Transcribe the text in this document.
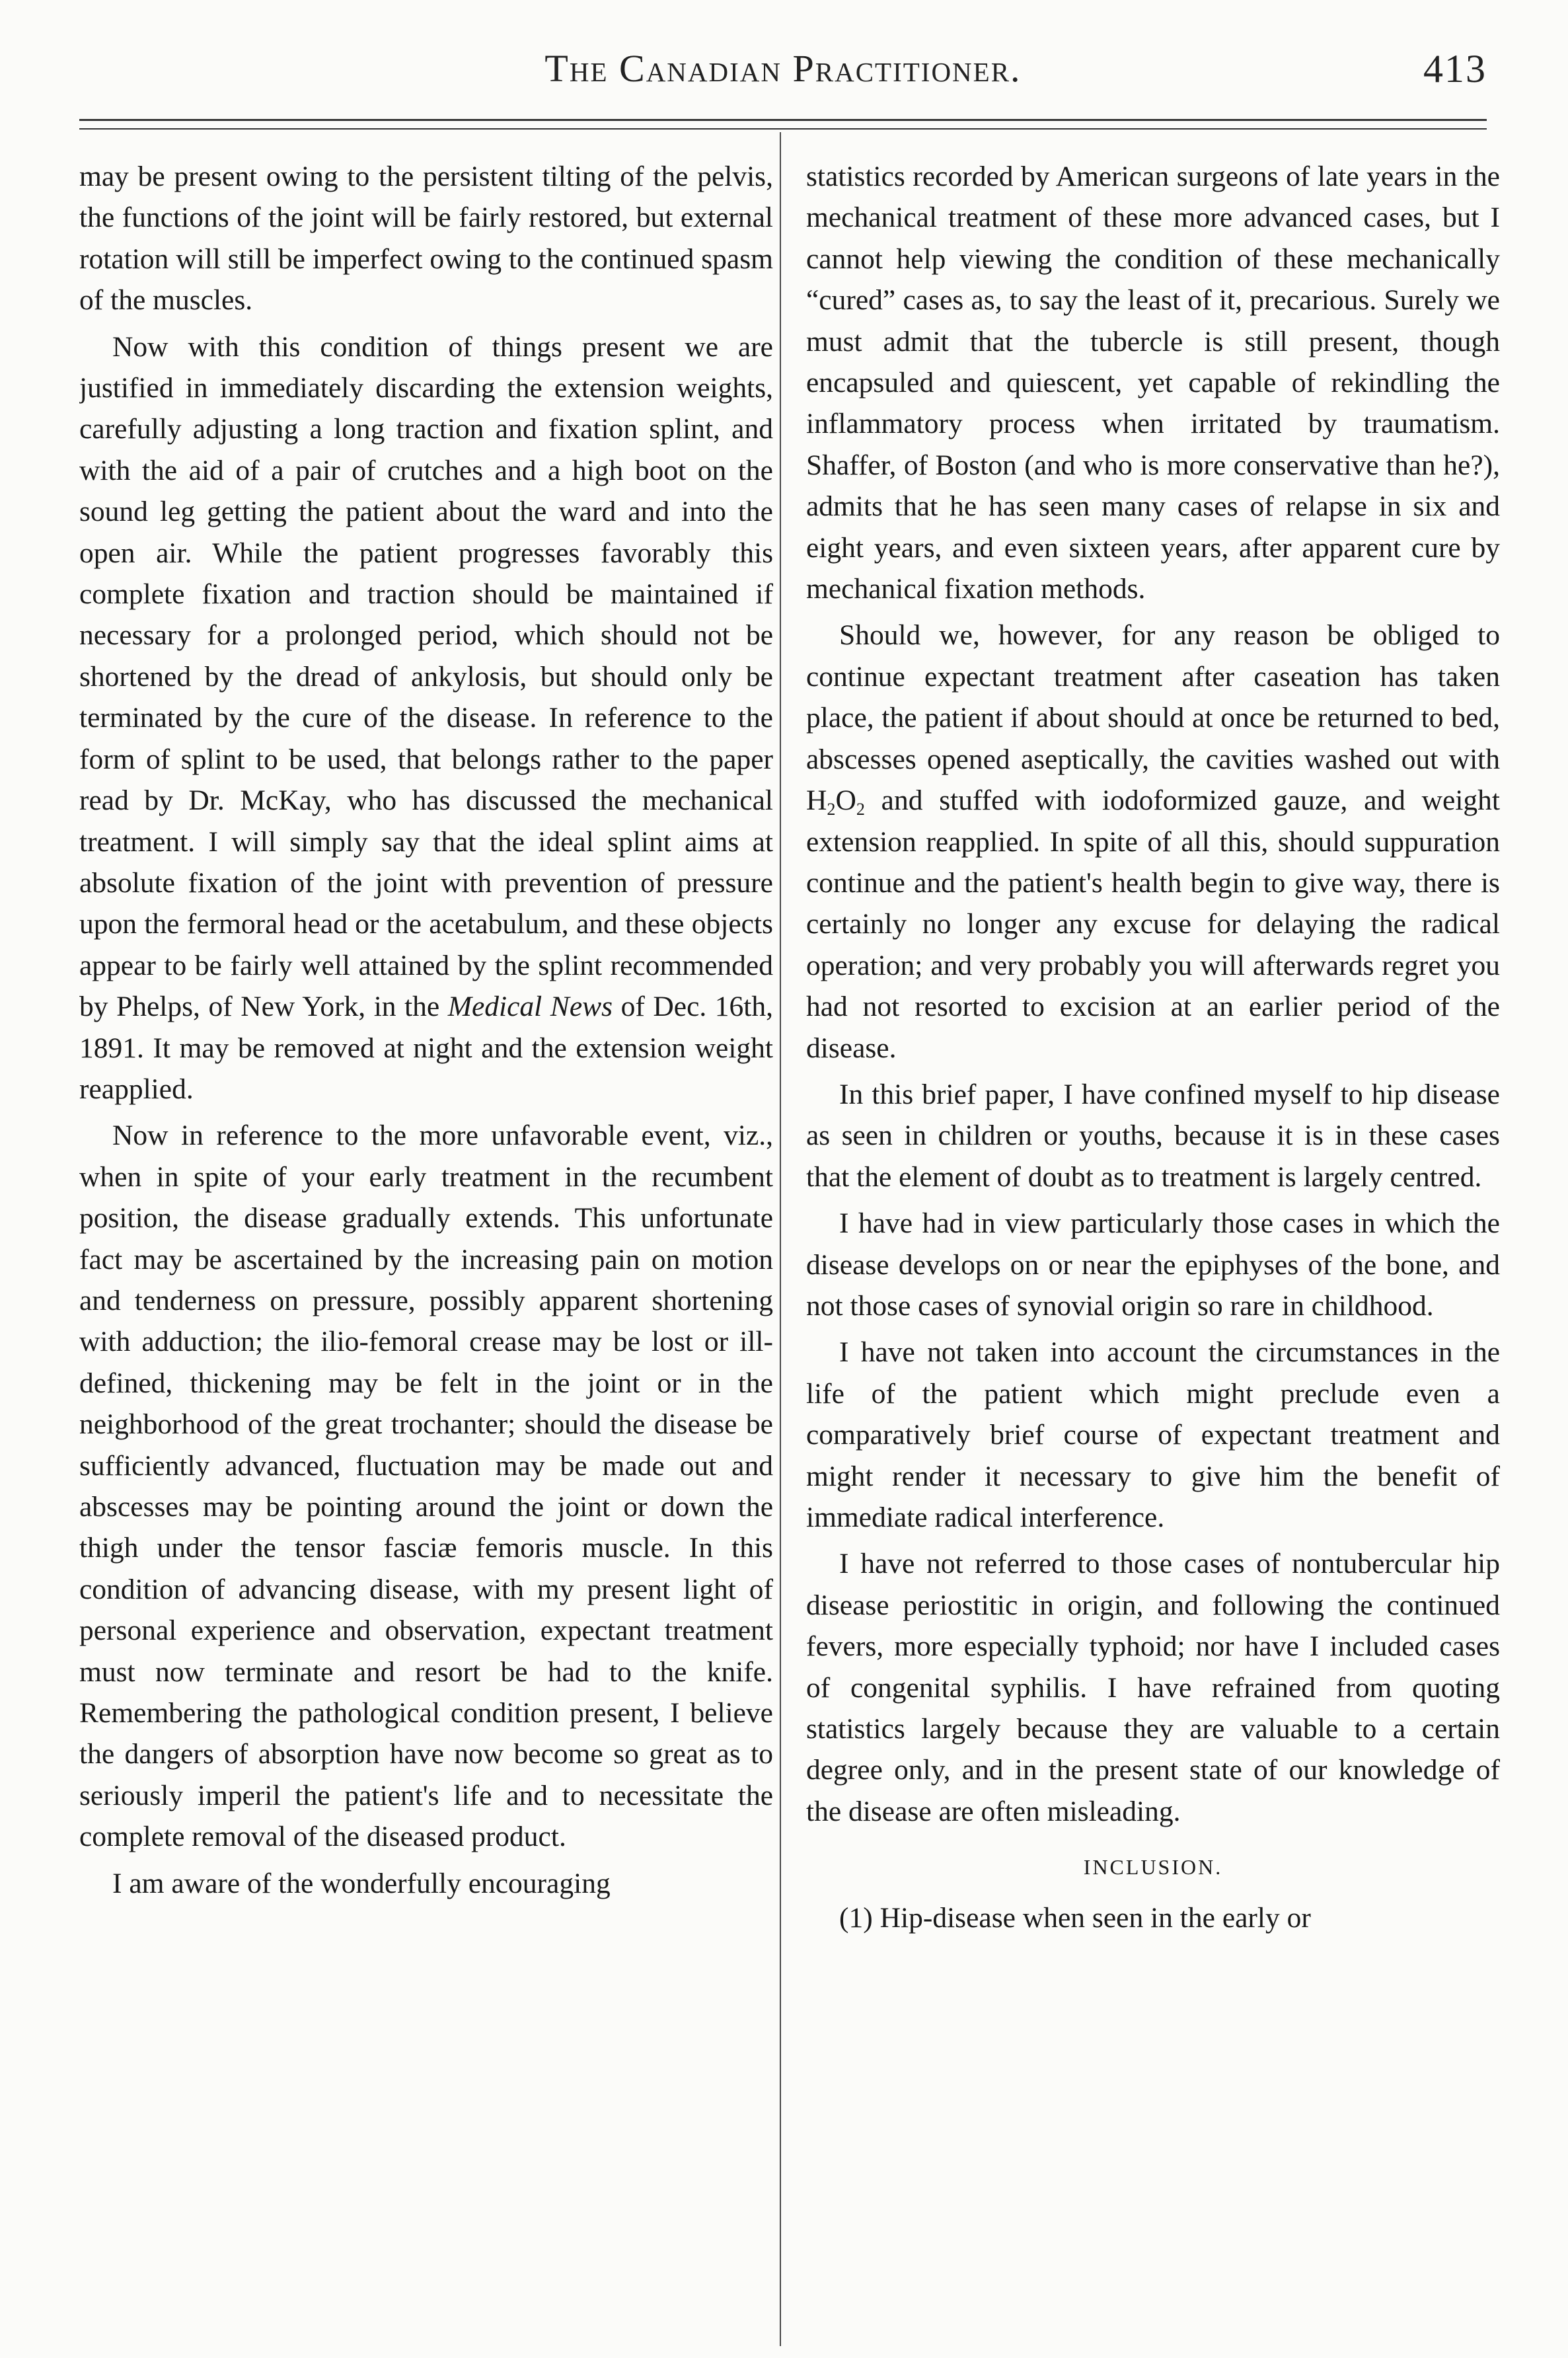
The Canadian Practitioner.	413

may be present owing to the persistent tilting of the pelvis, the functions of the joint will be fairly restored, but external rotation will still be imperfect owing to the continued spasm of the muscles.

Now with this condition of things present we are justified in immediately discarding the extension weights, carefully adjusting a long traction and fixation splint, and with the aid of a pair of crutches and a high boot on the sound leg getting the patient about the ward and into the open air. While the patient progresses favorably this complete fixation and traction should be maintained if necessary for a prolonged period, which should not be shortened by the dread of ankylosis, but should only be terminated by the cure of the disease. In reference to the form of splint to be used, that belongs rather to the paper read by Dr. McKay, who has discussed the mechanical treatment. I will simply say that the ideal splint aims at absolute fixation of the joint with prevention of pressure upon the fermoral head or the acetabulum, and these objects appear to be fairly well attained by the splint recommended by Phelps, of New York, in the Medical News of Dec. 16th, 1891. It may be removed at night and the extension weight reapplied.

Now in reference to the more unfavorable event, viz., when in spite of your early treatment in the recumbent position, the disease gradually extends. This unfortunate fact may be ascertained by the increasing pain on motion and tenderness on pressure, possibly apparent shortening with adduction; the ilio-femoral crease may be lost or ill-defined, thickening may be felt in the joint or in the neighborhood of the great trochanter; should the disease be sufficiently advanced, fluctuation may be made out and abscesses may be pointing around the joint or down the thigh under the tensor fasciæ femoris muscle. In this condition of advancing disease, with my present light of personal experience and observation, expectant treatment must now terminate and resort be had to the knife. Remembering the pathological condition present, I believe the dangers of absorption have now become so great as to seriously imperil the patient's life and to necessitate the complete removal of the diseased product.

I am aware of the wonderfully encouraging

statistics recorded by American surgeons of late years in the mechanical treatment of these more advanced cases, but I cannot help viewing the condition of these mechanically “cured” cases as, to say the least of it, precarious. Surely we must admit that the tubercle is still present, though encapsuled and quiescent, yet capable of rekindling the inflammatory process when irritated by traumatism. Shaffer, of Boston (and who is more conservative than he?), admits that he has seen many cases of relapse in six and eight years, and even sixteen years, after apparent cure by mechanical fixation methods.

Should we, however, for any reason be obliged to continue expectant treatment after caseation has taken place, the patient if about should at once be returned to bed, abscesses opened aseptically, the cavities washed out with $H_2O_2$ and stuffed with iodoformized gauze, and weight extension reapplied. In spite of all this, should suppuration continue and the patient's health begin to give way, there is certainly no longer any excuse for delaying the radical operation; and very probably you will afterwards regret you had not resorted to excision at an earlier period of the disease.

In this brief paper, I have confined myself to hip disease as seen in children or youths, because it is in these cases that the element of doubt as to treatment is largely centred.

I have had in view particularly those cases in which the disease develops on or near the epiphyses of the bone, and not those cases of synovial origin so rare in childhood.

I have not taken into account the circumstances in the life of the patient which might preclude even a comparatively brief course of expectant treatment and might render it necessary to give him the benefit of immediate radical interference.

I have not referred to those cases of nontubercular hip disease periostitic in origin, and following the continued fevers, more especially typhoid; nor have I included cases of congenital syphilis. I have refrained from quoting statistics largely because they are valuable to a certain degree only, and in the present state of our knowledge of the disease are often misleading.

INCLUSION.

(1) Hip-disease when seen in the early or
